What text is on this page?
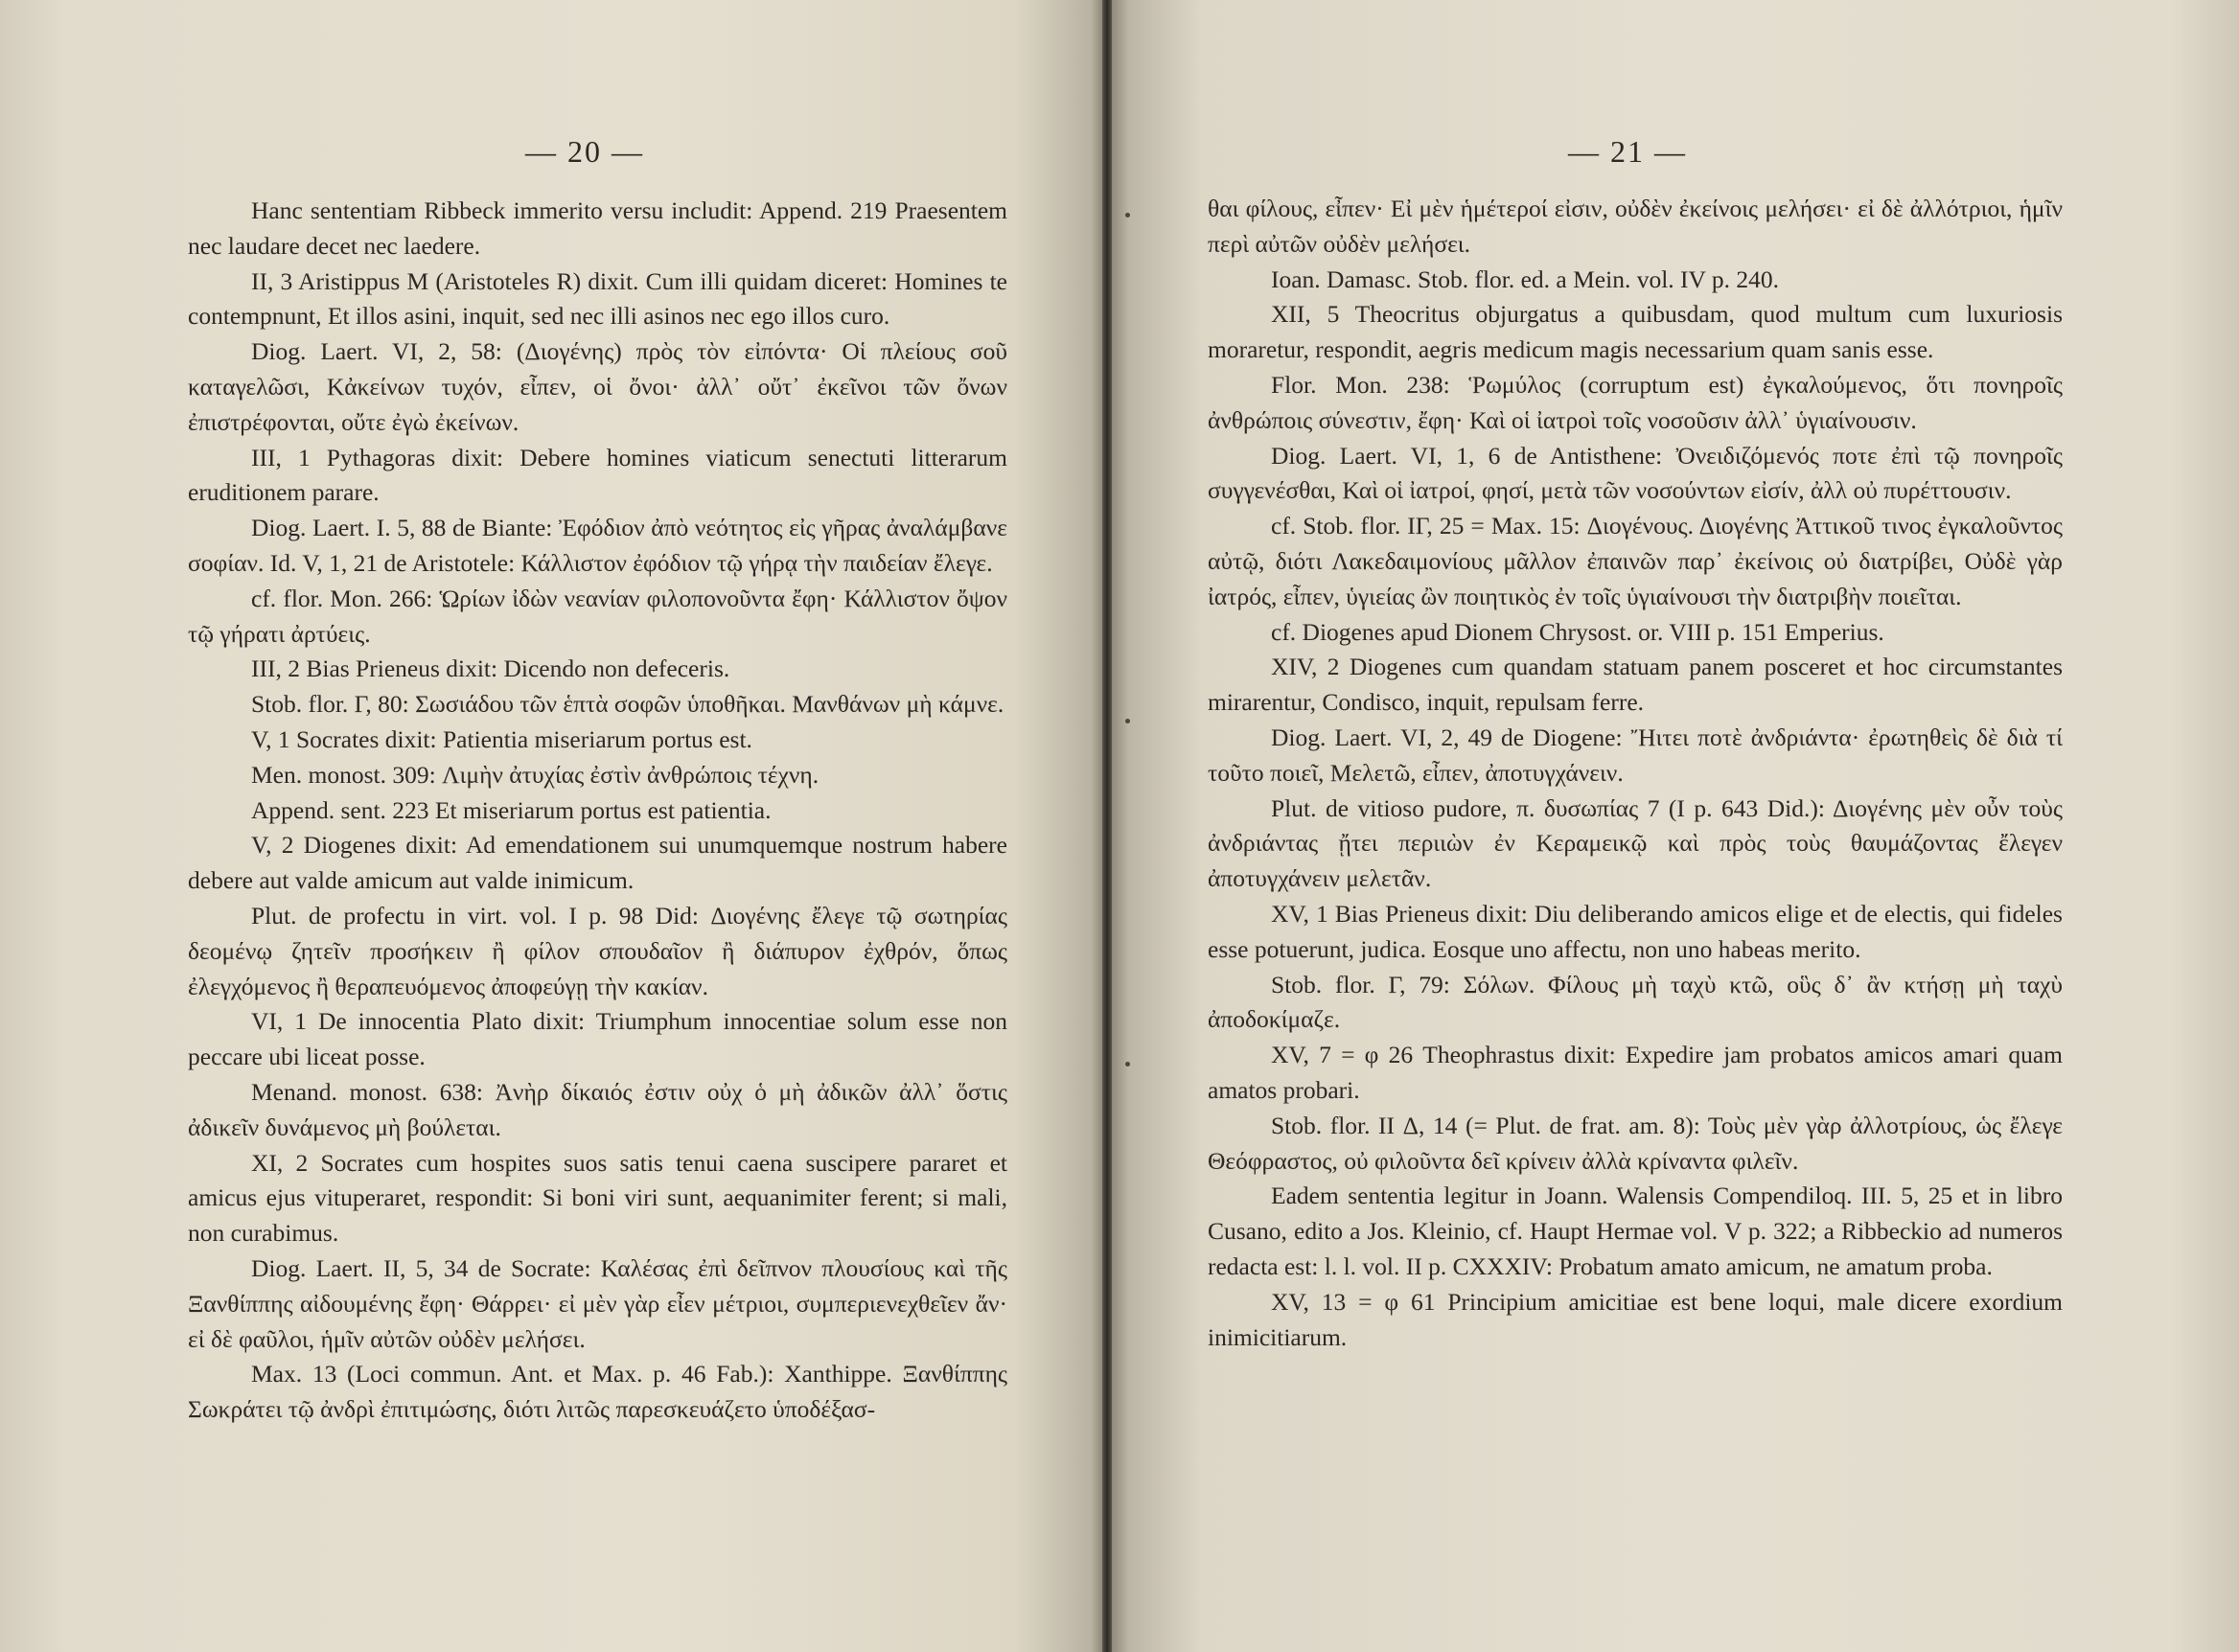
— 20 —

Hanc sententiam Ribbeck immerito versu includit: Append. 219 Praesentem nec laudare decet nec laedere.

II, 3 Aristippus M (Aristoteles R) dixit. Cum illi quidam diceret: Homines te contempnunt, Et illos asini, inquit, sed nec illi asinos nec ego illos curo.

Diog. Laert. VI, 2, 58: (Διογένης) πρὸς τὸν εἰπόντα· Οἱ πλείους σοῦ καταγελῶσι, Κἀκείνων τυχόν, εἶπεν, οἱ ὄνοι· ἀλλ᾽ οὔτ᾽ ἐκεῖνοι τῶν ὄνων ἐπιστρέφονται, οὔτε ἐγὼ ἐκείνων.

III, 1 Pythagoras dixit: Debere homines viaticum senectuti litterarum eruditionem parare.

Diog. Laert. I. 5, 88 de Biante: Ἐφόδιον ἀπὸ νεότητος εἰς γῆρας ἀναλάμβανε σοφίαν. Id. V, 1, 21 de Aristotele: Κάλλιστον ἐφόδιον τῷ γήρᾳ τὴν παιδείαν ἔλεγε.

cf. flor. Mon. 266: Ὡρίων ἰδὼν νεανίαν φιλοπονοῦντα ἔφη· Κάλλιστον ὄψον τῷ γήρατι ἀρτύεις.

III, 2 Bias Prieneus dixit: Dicendo non defeceris.

Stob. flor. Γ, 80: Σωσιάδου τῶν ἑπτὰ σοφῶν ὑποθῆκαι. Μανθάνων μὴ κάμνε.

V, 1 Socrates dixit: Patientia miseriarum portus est.

Men. monost. 309: Λιμὴν ἀτυχίας ἐστὶν ἀνθρώποις τέχνη.

Append. sent. 223 Et miseriarum portus est patientia.

V, 2 Diogenes dixit: Ad emendationem sui unumquemque nostrum habere debere aut valde amicum aut valde inimicum.

Plut. de profectu in virt. vol. I p. 98 Did: Διογένης ἔλεγε τῷ σωτηρίας δεομένῳ ζητεῖν προσήκειν ἢ φίλον σπουδαῖον ἢ διάπυρον ἐχθρόν, ὅπως ἐλεγχόμενος ἢ θεραπευόμενος ἀποφεύγῃ τὴν κακίαν.

VI, 1 De innocentia Plato dixit: Triumphum innocentiae solum esse non peccare ubi liceat posse.

Menand. monost. 638: Ἀνὴρ δίκαιός ἐστιν οὐχ ὁ μὴ ἀδικῶν ἀλλ᾽ ὅστις ἀδικεῖν δυνάμενος μὴ βούλεται.

XI, 2 Socrates cum hospites suos satis tenui caena suscipere pararet et amicus ejus vituperaret, respondit: Si boni viri sunt, aequanimiter ferent; si mali, non curabimus.

Diog. Laert. II, 5, 34 de Socrate: Καλέσας ἐπὶ δεῖπνον πλουσίους καὶ τῆς Ξανθίππης αἰδουμένης ἔφη· Θάρρει· εἰ μὲν γὰρ εἶεν μέτριοι, συμπεριενεχθεῖεν ἄν· εἰ δὲ φαῦλοι, ἡμῖν αὐτῶν οὐδὲν μελήσει.

Max. 13 (Loci commun. Ant. et Max. p. 46 Fab.): Xanthippe. Ξανθίππης Σωκράτει τῷ ἀνδρὶ ἐπιτιμώσης, διότι λιτῶς παρεσκευάζετο ὑποδέξασ-

— 21 —

θαι φίλους, εἶπεν· Εἰ μὲν ἡμέτεροί εἰσιν, οὐδὲν ἐκείνοις μελήσει· εἰ δὲ ἀλλότριοι, ἡμῖν περὶ αὐτῶν οὐδὲν μελήσει.

Ioan. Damasc. Stob. flor. ed. a Mein. vol. IV p. 240.

XII, 5 Theocritus objurgatus a quibusdam, quod multum cum luxuriosis moraretur, respondit, aegris medicum magis necessarium quam sanis esse.

Flor. Mon. 238: Ῥωμύλος (corruptum est) ἐγκαλούμενος, ὅτι πονηροῖς ἀνθρώποις σύνεστιν, ἔφη· Καὶ οἱ ἰατροὶ τοῖς νοσοῦσιν ἀλλ᾽ ὑγιαίνουσιν.

Diog. Laert. VI, 1, 6 de Antisthene: Ὀνειδιζόμενός ποτε ἐπὶ τῷ πονηροῖς συγγενέσθαι, Καὶ οἱ ἰατροί, φησί, μετὰ τῶν νοσούντων εἰσίν, ἀλλ οὐ πυρέττουσιν.

cf. Stob. flor. IΓ, 25 = Max. 15: Διογένους. Διογένης Ἀττικοῦ τινος ἐγκαλοῦντος αὐτῷ, διότι Λακεδαιμονίους μᾶλλον ἐπαινῶν παρ᾽ ἐκείνοις οὐ διατρίβει, Οὐδὲ γὰρ ἰατρός, εἶπεν, ὑγιείας ὢν ποιητικὸς ἐν τοῖς ὑγιαίνουσι τὴν διατριβὴν ποιεῖται.

cf. Diogenes apud Dionem Chrysost. or. VIII p. 151 Emperius.

XIV, 2 Diogenes cum quandam statuam panem posceret et hoc circumstantes mirarentur, Condisco, inquit, repulsam ferre.

Diog. Laert. VI, 2, 49 de Diogene: Ἤιτει ποτὲ ἀνδριάντα· ἐρωτηθεὶς δὲ διὰ τί τοῦτο ποιεῖ, Μελετῶ, εἶπεν, ἀποτυγχάνειν.

Plut. de vitioso pudore, π. δυσωπίας 7 (I p. 643 Did.): Διογένης μὲν οὖν τοὺς ἀνδριάντας ᾔτει περιιὼν ἐν Κεραμεικῷ καὶ πρὸς τοὺς θαυμάζοντας ἔλεγεν ἀποτυγχάνειν μελετᾶν.

XV, 1 Bias Prieneus dixit: Diu deliberando amicos elige et de electis, qui fideles esse potuerunt, judica. Eosque uno affectu, non uno habeas merito.

Stob. flor. Γ, 79: Σόλων. Φίλους μὴ ταχὺ κτῶ, οὓς δ᾽ ἂν κτήσῃ μὴ ταχὺ ἀποδοκίμαζε.

XV, 7 = φ 26 Theophrastus dixit: Expedire jam probatos amicos amari quam amatos probari.

Stob. flor. II Δ, 14 (= Plut. de frat. am. 8): Τοὺς μὲν γὰρ ἀλλοτρίους, ὡς ἔλεγε Θεόφραστος, οὐ φιλοῦντα δεῖ κρίνειν ἀλλὰ κρίναντα φιλεῖν.

Eadem sententia legitur in Joann. Walensis Compendiloq. III. 5, 25 et in libro Cusano, edito a Jos. Kleinio, cf. Haupt Hermae vol. V p. 322; a Ribbeckio ad numeros redacta est: l. l. vol. II p. CXXXIV: Probatum amato amicum, ne amatum proba.

XV, 13 = φ 61 Principium amicitiae est bene loqui, male dicere exordium inimicitiarum.
